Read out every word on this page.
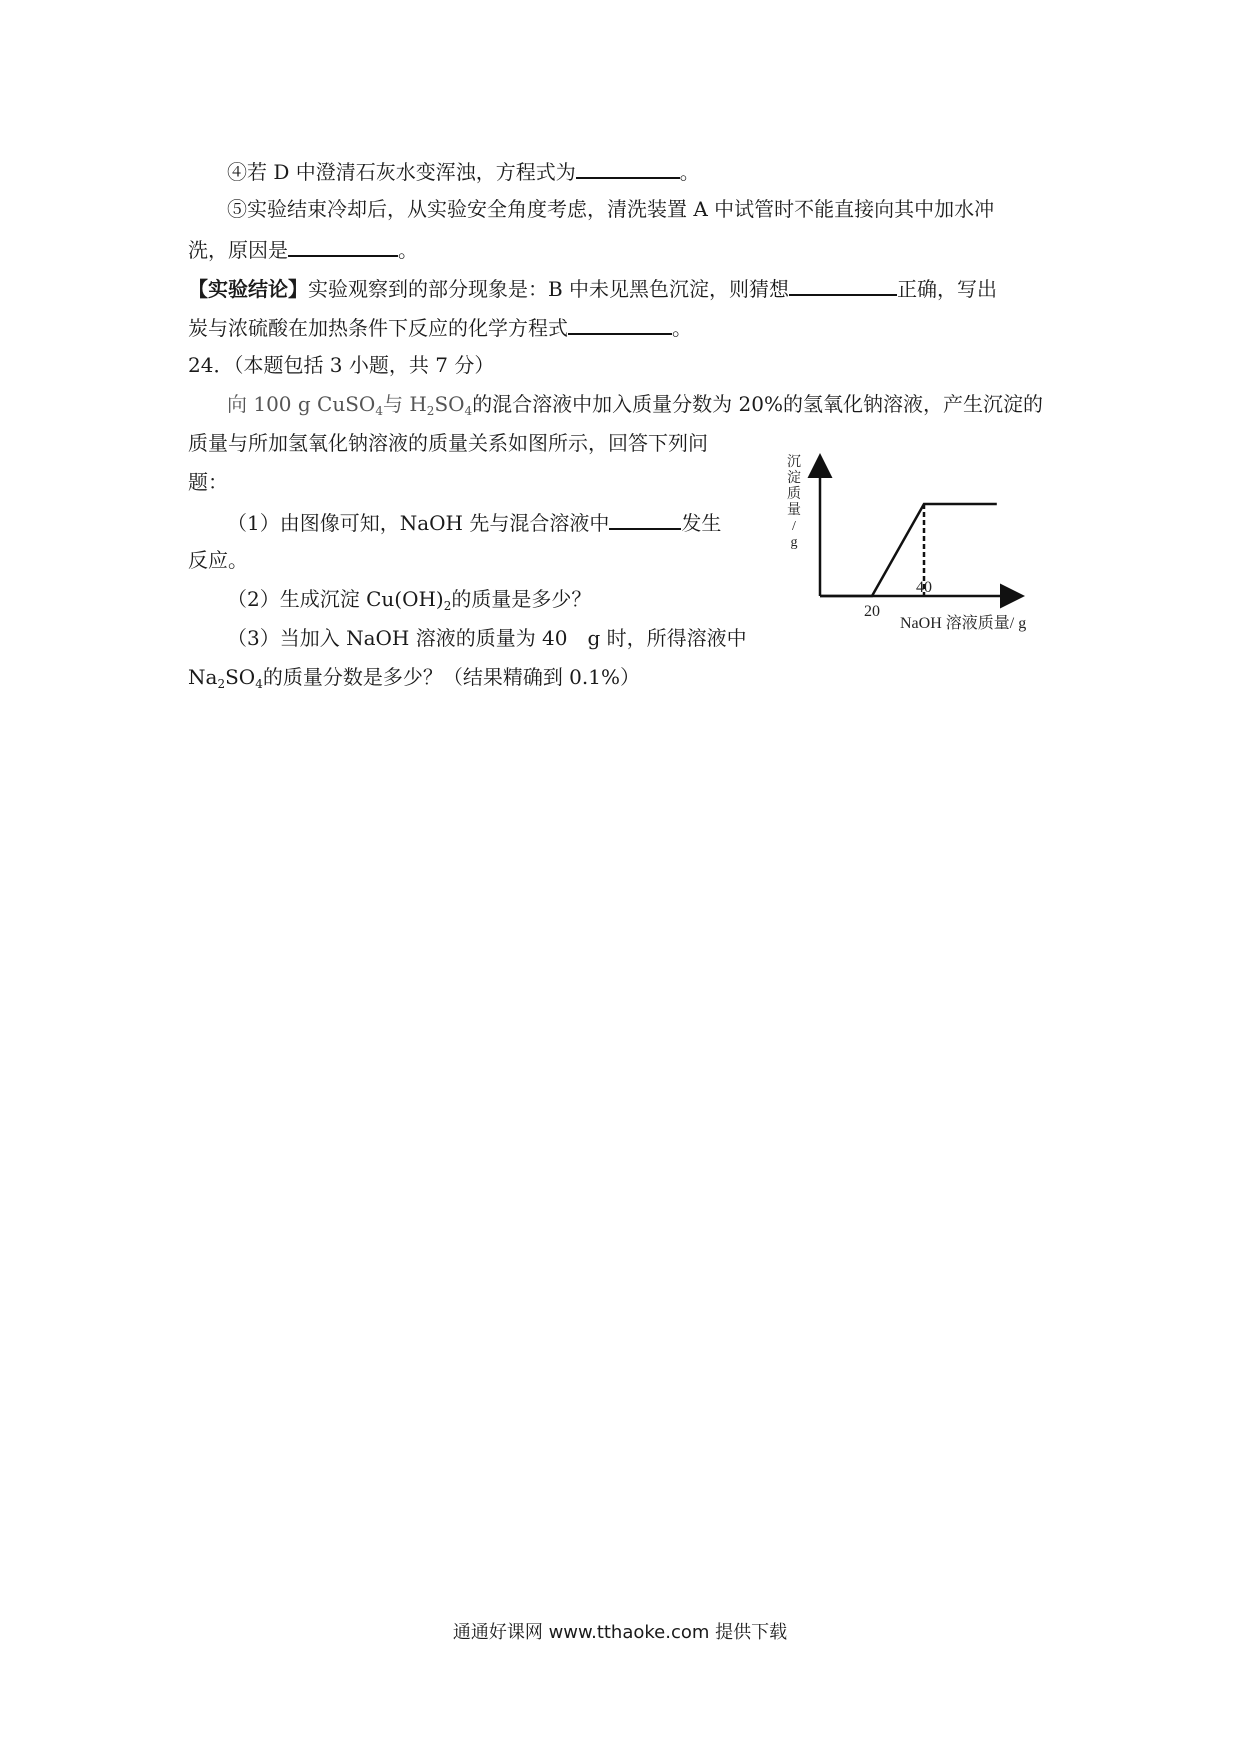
④若 D 中澄清石灰水变浑浊，方程式为	。
⑤实验结束冷却后，从实验安全角度考虑，清洗装置 A 中试管时不能直接向其中加水冲
洗，原因是	。
【实验结论】实验观察到的部分现象是：B 中未见黑色沉淀，则猜想	正确，写出
炭与浓硫酸在加热条件下反应的化学方程式	。
24．（本题包括 3 小题，共 7 分）
向 100 g CuSO$_4$与 $H_2SO_4$的混合溶液中加入质量分数为 20%的氢氧化钠溶液，产生沉淀的
质量与所加氢氧化钠溶液的质量关系如图所示，回答下列问
题：
（1）由图像可知，NaOH 先与混合溶液中	发生
反应。
（2）生成沉淀 $Cu(OH)_2$的质量是多少？
（3）当加入 NaOH 溶液的质量为 40　g 时，所得溶液中
$Na_2SO_4$的质量分数是多少？（结果精确到 0.1%）
沉
淀
质
量
/
g
20
40
NaOH 溶液质量/ g
通通好课网 www.tthaoke.com 提供下载
